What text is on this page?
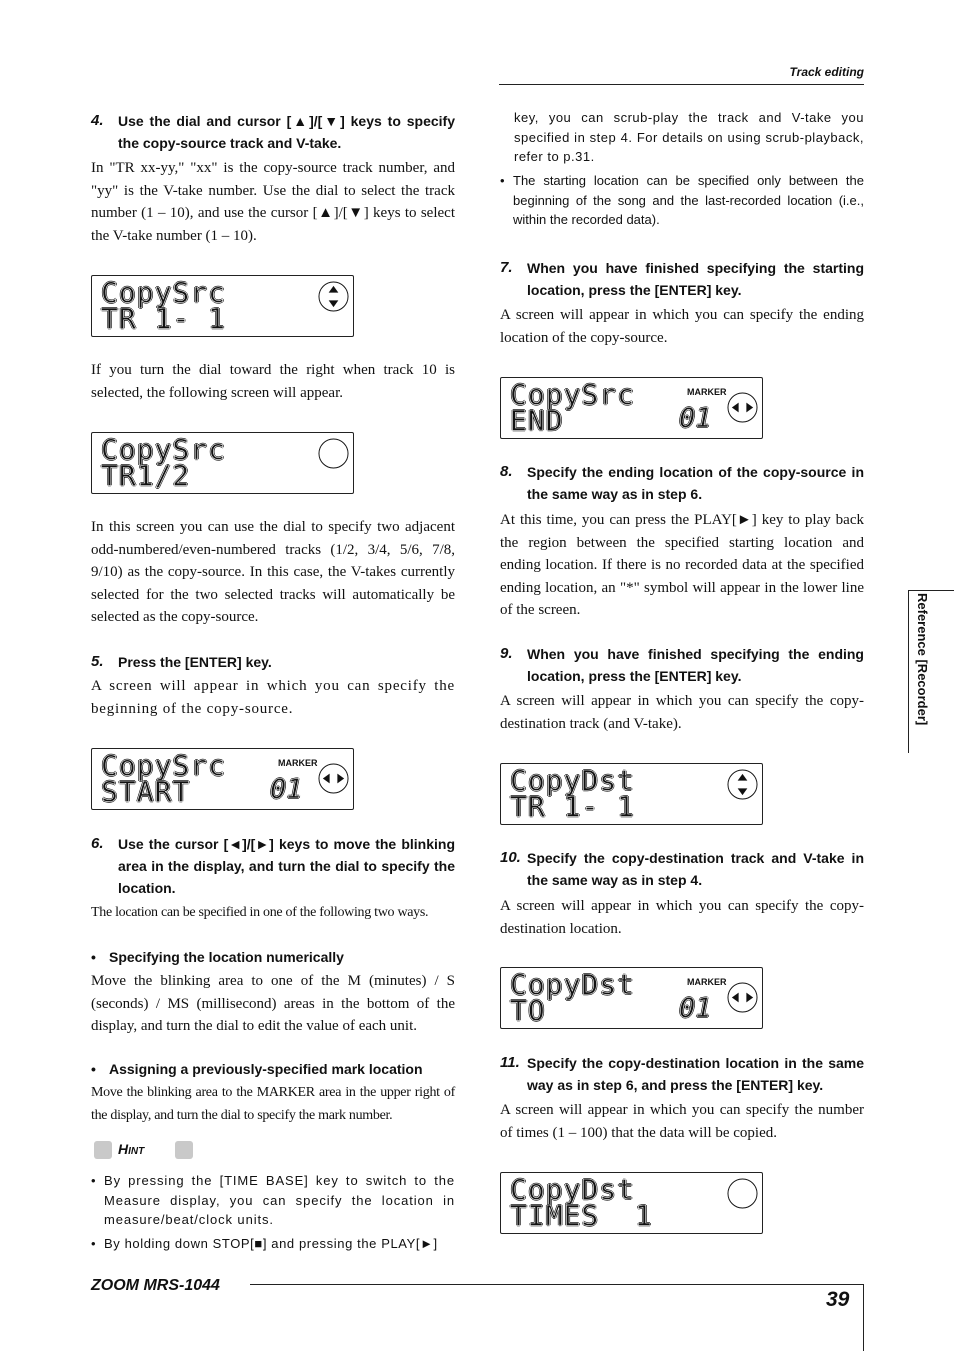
Track editing
4.	Use the dial and cursor [▲]/[▼] keys to specify the copy-source track and V-take.
In "TR xx-yy," "xx" is the copy-source track number, and "yy" is the V-take number. Use the dial to select the track number (1 – 10), and use the cursor [▲]/[▼] keys to select the V-take number (1 – 10).
CopySrc
TR 1- 1
If you turn the dial toward the right when track 10 is selected, the following screen will appear.
CopySrc
TR1/2
In this screen you can use the dial to specify two adjacent odd-numbered/even-numbered tracks (1/2, 3/4, 5/6, 7/8, 9/10) as the copy-source. In this case, the V-takes currently selected for the two selected tracks will automatically be selected as the copy-source.
5.	Press the [ENTER] key.
A screen will appear in which you can specify the beginning of the copy-source.
CopySrc
START
MARKER
01
6.	Use the cursor [◄]/[►] keys to move the blinking area in the display, and turn the dial to specify the location.
The location can be specified in one of the following two ways.
• Specifying the location numerically
Move the blinking area to one of the M (minutes) / S (seconds) / MS (millisecond) areas in the bottom of the display, and turn the dial to edit the value of each unit.
• Assigning a previously-specified mark location
Move the blinking area to the MARKER area in the upper right of the display, and turn the dial to specify the mark number.
Hint
• By pressing the [TIME BASE] key to switch to the Measure display, you can specify the location in measure/beat/clock units.
• By holding down STOP[■] and pressing the PLAY[►]
key, you can scrub-play the track and V-take you specified in step 4. For details on using scrub-playback, refer to p.31.
• The starting location can be specified only between the beginning of the song and the last-recorded location (i.e., within the recorded data).
7.	When you have finished specifying the starting location, press the [ENTER] key.
A screen will appear in which you can specify the ending location of the copy-source.
CopySrc
END
MARKER
01
8.	Specify the ending location of the copy-source in the same way as in step 6.
At this time, you can press the PLAY[►] key to play back the region between the specified starting location and ending location. If there is no recorded data at the specified ending location, an "*" symbol will appear in the lower line of the screen.
9.	When you have finished specifying the ending location, press the [ENTER] key.
A screen will appear in which you can specify the copy-destination track (and V-take).
CopyDst
TR 1- 1
10. Specify the copy-destination track and V-take in the same way as in step 4.
A screen will appear in which you can specify the copy-destination location.
CopyDst
TO
MARKER
01
11. Specify the copy-destination location in the same way as in step 6, and press the [ENTER] key.
A screen will appear in which you can specify the number of times (1 – 100) that the data will be copied.
CopyDst
TIMES  1
Reference [Recorder]
ZOOM MRS-1044
39
